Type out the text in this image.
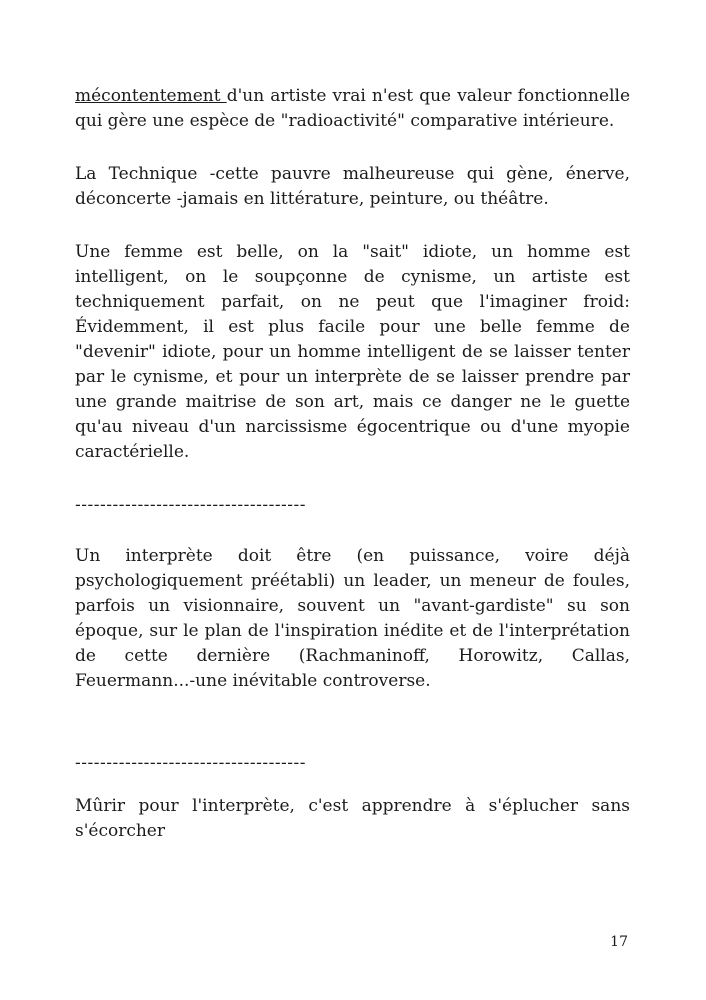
mécontentement d'un artiste vrai n'est que valeur fonctionnelle qui gère une espèce de "radioactivité" comparative intérieure.

La Technique -cette pauvre malheureuse qui gène, énerve, déconcerte -jamais en littérature, peinture, ou théâtre.

Une femme est belle, on la "sait" idiote, un homme est intelligent, on le soupçonne de cynisme, un artiste est techniquement parfait, on ne peut que l'imaginer froid: Évidemment, il est plus facile pour une belle femme de "devenir" idiote, pour un homme intelligent de se laisser tenter par le cynisme, et pour un interprète de se laisser prendre par une grande maitrise de son art, mais ce danger ne le guette qu'au niveau d'un narcissisme égocentrique ou d'une myopie caractérielle.

-------------------------------------

Un interprète doit être (en puissance, voire déjà psychologiquement préétabli) un leader, un meneur de foules, parfois un visionnaire, souvent un "avant-gardiste" su son époque, sur le plan de l'inspiration inédite et de l'interprétation de cette dernière (Rachmaninoff, Horowitz, Callas, Feuermann...-une inévitable controverse.

-------------------------------------

Mûrir pour l'interprète, c'est apprendre à s'éplucher sans s'écorcher

17
